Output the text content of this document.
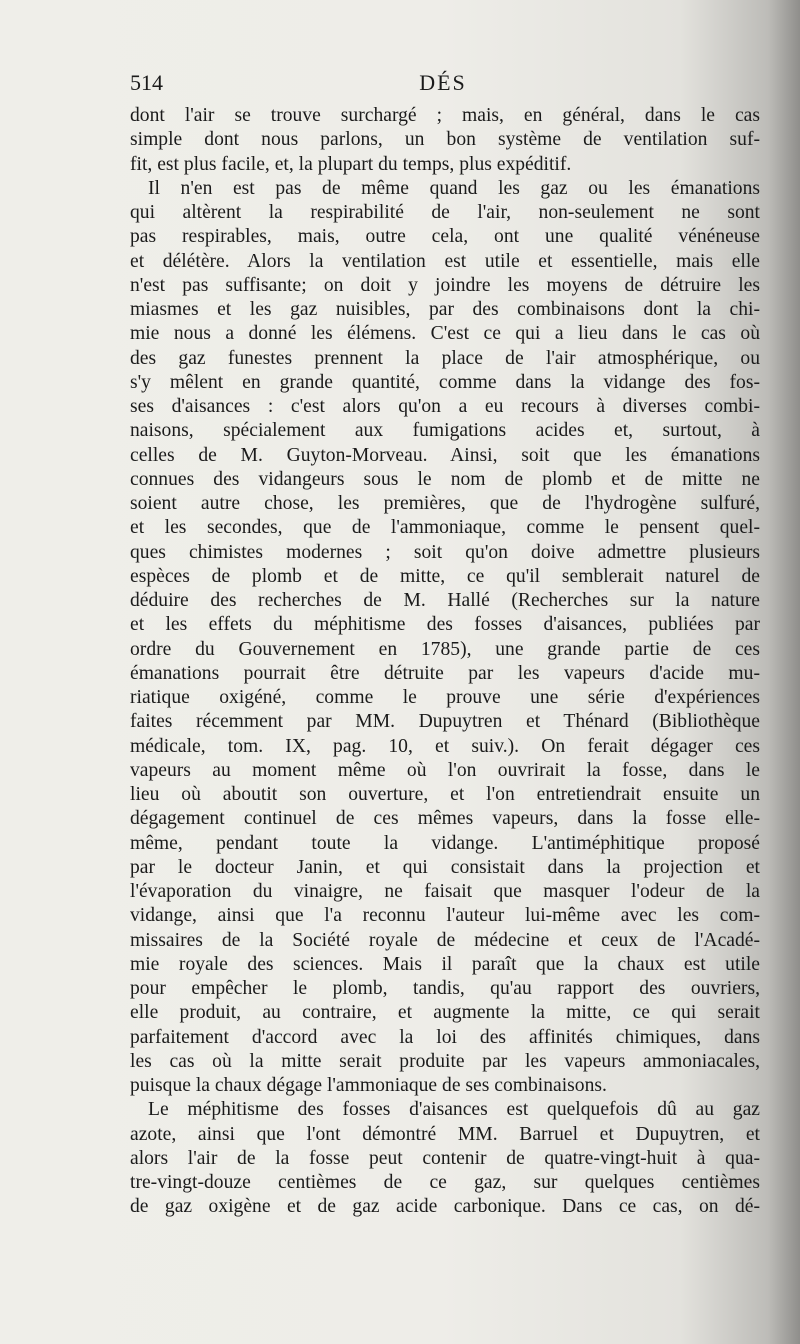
514	DÉS
dont l'air se trouve surchargé ; mais, en général, dans le cas
simple dont nous parlons, un bon système de ventilation suf-
fit, est plus facile, et, la plupart du temps, plus expéditif.
Il n'en est pas de même quand les gaz ou les émanations
qui altèrent la respirabilité de l'air, non-seulement ne sont
pas respirables, mais, outre cela, ont une qualité vénéneuse
et délétère. Alors la ventilation est utile et essentielle, mais elle
n'est pas suffisante; on doit y joindre les moyens de détruire les
miasmes et les gaz nuisibles, par des combinaisons dont la chi-
mie nous a donné les élémens. C'est ce qui a lieu dans le cas où
des gaz funestes prennent la place de l'air atmosphérique, ou
s'y mêlent en grande quantité, comme dans la vidange des fos-
ses d'aisances : c'est alors qu'on a eu recours à diverses combi-
naisons, spécialement aux fumigations acides et, surtout, à
celles de M. Guyton-Morveau. Ainsi, soit que les émanations
connues des vidangeurs sous le nom de plomb et de mitte ne
soient autre chose, les premières, que de l'hydrogène sulfuré,
et les secondes, que de l'ammoniaque, comme le pensent quel-
ques chimistes modernes ; soit qu'on doive admettre plusieurs
espèces de plomb et de mitte, ce qu'il semblerait naturel de
déduire des recherches de M. Hallé (Recherches sur la nature
et les effets du méphitisme des fosses d'aisances, publiées par
ordre du Gouvernement en 1785), une grande partie de ces
émanations pourrait être détruite par les vapeurs d'acide mu-
riatique oxigéné, comme le prouve une série d'expériences
faites récemment par MM. Dupuytren et Thénard (Bibliothèque
médicale, tom. IX, pag. 10, et suiv.). On ferait dégager ces
vapeurs au moment même où l'on ouvrirait la fosse, dans le
lieu où aboutit son ouverture, et l'on entretiendrait ensuite un
dégagement continuel de ces mêmes vapeurs, dans la fosse elle-
même, pendant toute la vidange. L'antiméphitique proposé
par le docteur Janin, et qui consistait dans la projection et
l'évaporation du vinaigre, ne faisait que masquer l'odeur de la
vidange, ainsi que l'a reconnu l'auteur lui-même avec les com-
missaires de la Société royale de médecine et ceux de l'Acadé-
mie royale des sciences. Mais il paraît que la chaux est utile
pour empêcher le plomb, tandis, qu'au rapport des ouvriers,
elle produit, au contraire, et augmente la mitte, ce qui serait
parfaitement d'accord avec la loi des affinités chimiques, dans
les cas où la mitte serait produite par les vapeurs ammoniacales,
puisque la chaux dégage l'ammoniaque de ses combinaisons.
Le méphitisme des fosses d'aisances est quelquefois dû au gaz
azote, ainsi que l'ont démontré MM. Barruel et Dupuytren, et
alors l'air de la fosse peut contenir de quatre-vingt-huit à qua-
tre-vingt-douze centièmes de ce gaz, sur quelques centièmes
de gaz oxigène et de gaz acide carbonique. Dans ce cas, on dé-
